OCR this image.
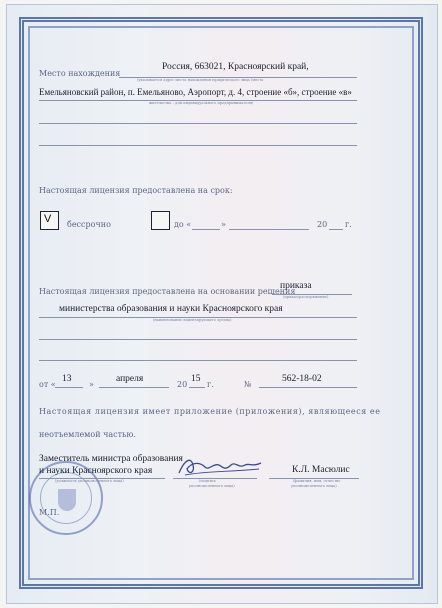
Место нахождения
Россия, 663021, Красноярский край,
(указывается адрес места нахождения юридического лица (места
Емельяновский район, п. Емельяново, Аэропорт, д. 4, строение «б», строение «в»
жительства – для индивидуального предпринимателя)
Настоящая лицензия предоставлена на срок:
V бессрочно	до «	»	20 г.
Настоящая лицензия предоставлена на основании решения
приказа
(приказ/распоряжение)
министерства образования и науки Красноярского края
(наименование лицензирующего органа)
от «
13
»
апреля
20
15
г.	№
562-18-02
Настоящая лицензия имеет приложение (приложения), являющееся ее
неотъемлемой частью.
Заместитель министра образования
и науки Красноярского края
(должность уполномоченного лица)	(подпись
уполномоченного лица)
К.Л. Масюлис
(фамилия, имя, отчество
уполномоченного лица)
М.П.
